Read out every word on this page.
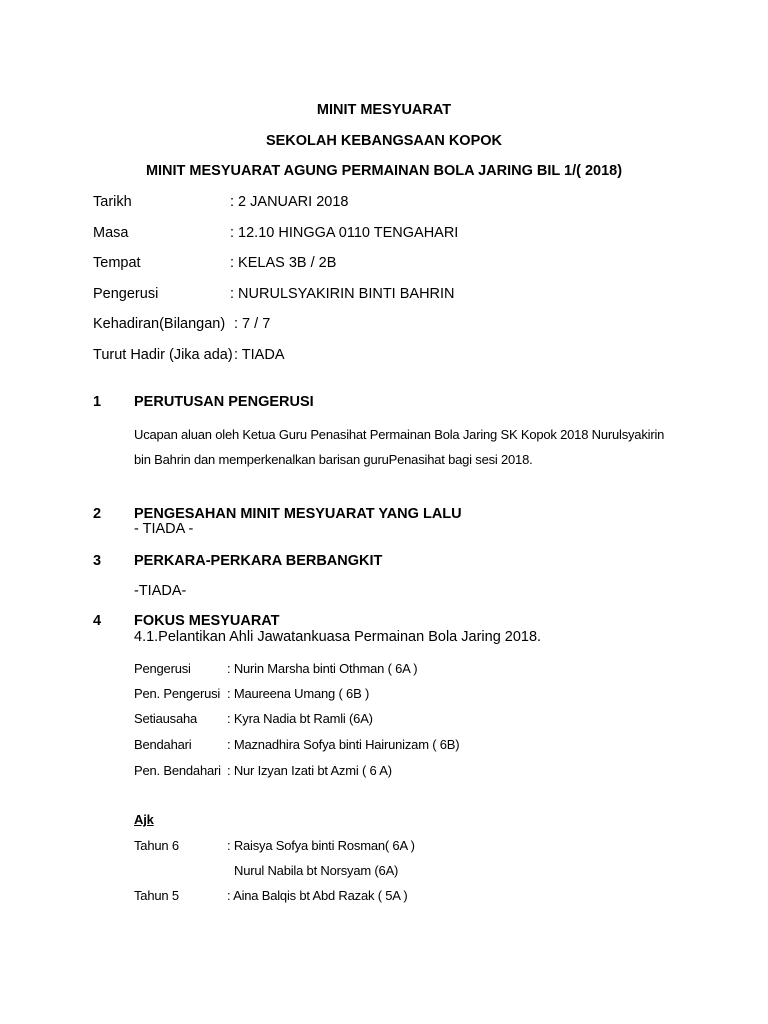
MINIT MESYUARAT
SEKOLAH KEBANGSAAN KOPOK
MINIT MESYUARAT AGUNG PERMAINAN BOLA JARING BIL 1/( 2018)
Tarikh	: 2 JANUARI 2018
Masa	: 12.10 HINGGA 0110 TENGAHARI
Tempat	: KELAS 3B / 2B
Pengerusi	: NURULSYAKIRIN BINTI BAHRIN
Kehadiran(Bilangan) : 7 / 7
Turut Hadir (Jika ada) : TIADA
1 PERUTUSAN PENGERUSI
Ucapan aluan oleh Ketua Guru Penasihat Permainan Bola Jaring SK Kopok 2018 Nurulsyakirin
bin Bahrin dan memperkenalkan barisan guruPenasihat bagi sesi 2018.
2 PENGESAHAN MINIT MESYUARAT YANG LALU
- TIADA -
3 PERKARA-PERKARA BERBANGKIT
-TIADA-
4 FOKUS MESYUARAT
4.1.Pelantikan Ahli Jawatankuasa Permainan Bola Jaring 2018.
Pengerusi	: Nurin Marsha binti Othman ( 6A )
Pen. Pengerusi : Maureena Umang ( 6B )
Setiausaha : Kyra Nadia bt Ramli (6A)
Bendahari	: Maznadhira Sofya binti Hairunizam ( 6B)
Pen. Bendahari : Nur Izyan Izati bt Azmi ( 6 A)
Ajk
Tahun 6	: Raisya Sofya binti Rosman( 6A )
Nurul Nabila bt Norsyam (6A)
Tahun 5	: Aina Balqis bt Abd Razak ( 5A )
